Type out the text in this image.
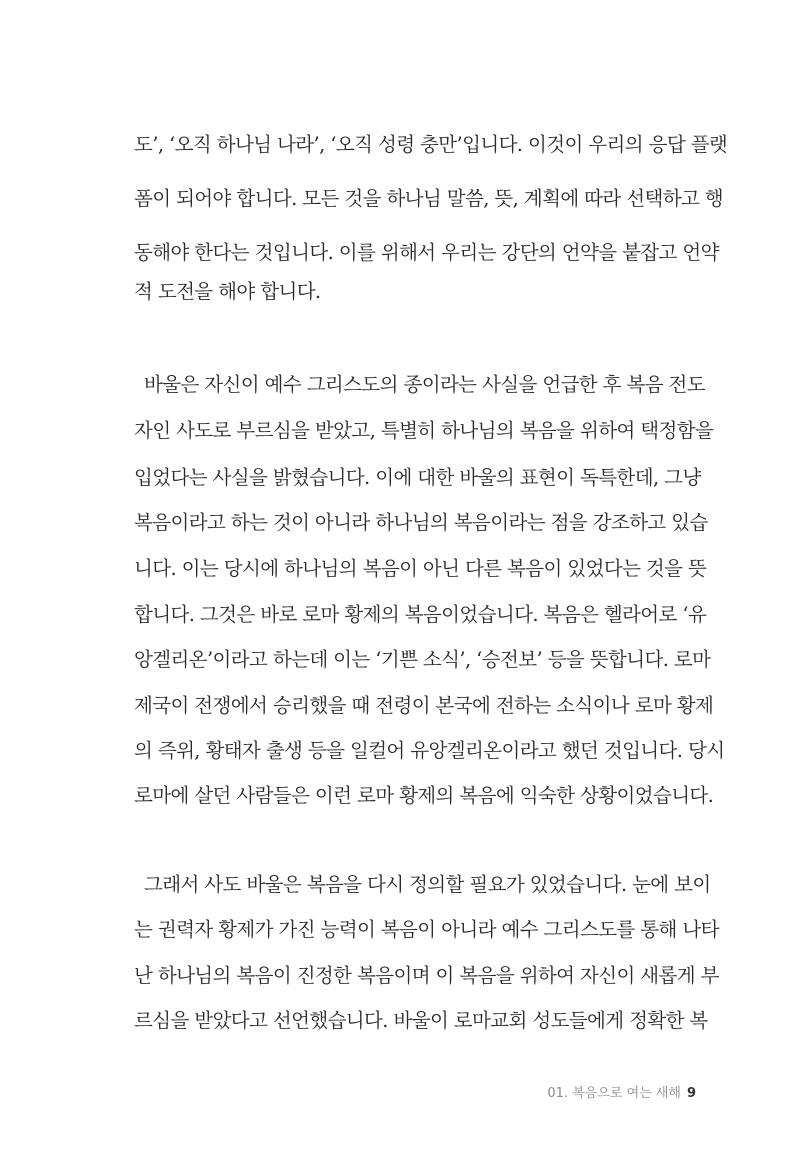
도’, ‘오직 하나님 나라’, ‘오직 성령 충만’입니다. 이것이 우리의 응답 플랫
폼이 되어야 합니다. 모든 것을 하나님 말씀, 뜻, 계획에 따라 선택하고 행
동해야 한다는 것입니다. 이를 위해서 우리는 강단의 언약을 붙잡고 언약
적 도전을 해야 합니다.
바울은 자신이 예수 그리스도의 종이라는 사실을 언급한 후 복음 전도
자인 사도로 부르심을 받았고, 특별히 하나님의 복음을 위하여 택정함을
입었다는 사실을 밝혔습니다. 이에 대한 바울의 표현이 독특한데, 그냥
복음이라고 하는 것이 아니라 하나님의 복음이라는 점을 강조하고 있습
니다. 이는 당시에 하나님의 복음이 아닌 다른 복음이 있었다는 것을 뜻
합니다. 그것은 바로 로마 황제의 복음이었습니다. 복음은 헬라어로 ‘유
앙겔리온’이라고 하는데 이는 ‘기쁜 소식’, ‘승전보’ 등을 뜻합니다. 로마
제국이 전쟁에서 승리했을 때 전령이 본국에 전하는 소식이나 로마 황제
의 즉위, 황태자 출생 등을 일컬어 유앙겔리온이라고 했던 것입니다. 당시
로마에 살던 사람들은 이런 로마 황제의 복음에 익숙한 상황이었습니다.
그래서 사도 바울은 복음을 다시 정의할 필요가 있었습니다. 눈에 보이
는 권력자 황제가 가진 능력이 복음이 아니라 예수 그리스도를 통해 나타
난 하나님의 복음이 진정한 복음이며 이 복음을 위하여 자신이 새롭게 부
르심을 받았다고 선언했습니다. 바울이 로마교회 성도들에게 정확한 복
01. 복음으로 여는 새해 9
